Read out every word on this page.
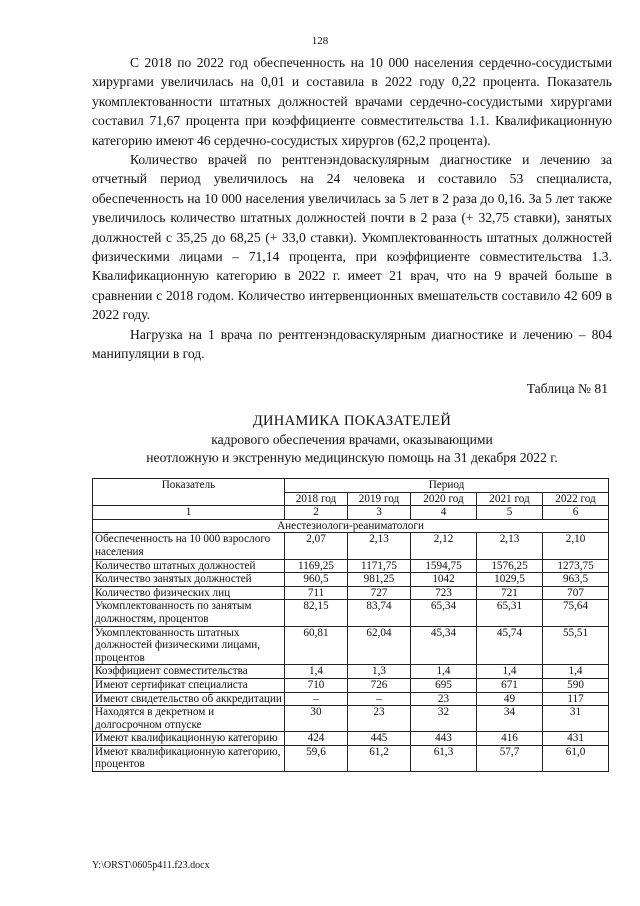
128

С 2018 по 2022 год обеспеченность на 10 000 населения сердечно-сосудистыми хирургами увеличилась на 0,01 и составила в 2022 году 0,22 процента. Показатель укомплектованности штатных должностей врачами сердечно-сосудистыми хирургами составил 71,67 процента при коэффициенте совместительства 1.1. Квалификационную категорию имеют 46 сердечно-сосудистых хирургов (62,2 процента).

Количество врачей по рентгенэндоваскулярным диагностике и лечению за отчетный период увеличилось на 24 человека и составило 53 специалиста, обеспеченность на 10 000 населения увеличилась за 5 лет в 2 раза до 0,16. За 5 лет также увеличилось количество штатных должностей почти в 2 раза (+ 32,75 ставки), занятых должностей с 35,25 до 68,25 (+ 33,0 ставки). Укомплектованность штатных должностей физическими лицами – 71,14 процента, при коэффициенте совместительства 1.3. Квалификационную категорию в 2022 г. имеет 21 врач, что на 9 врачей больше в сравнении с 2018 годом. Количество интервенционных вмешательств составило 42 609 в 2022 году.

Нагрузка на 1 врача по рентгенэндоваскулярным диагностике и лечению – 804 манипуляции в год.

Таблица № 81
ДИНАМИКА ПОКАЗАТЕЛЕЙ
кадрового обеспечения врачами, оказывающими
неотложную и экстренную медицинскую помощь на 31 декабря 2022 г.
Показатель	Период				
	2018 год	2019 год	2020 год	2021 год	2022 год
1	2	3	4	5	6
Анестезиологи-реаниматологи					
Обеспеченность на 10 000 взрослого населения	2,07	2,13	2,12	2,13	2,10
Количество штатных должностей	1169,25	1171,75	1594,75	1576,25	1273,75
Количество занятых должностей	960,5	981,25	1042	1029,5	963,5
Количество физических лиц	711	727	723	721	707
Укомплектованность по занятым должностям, процентов	82,15	83,74	65,34	65,31	75,64
Укомплектованность штатных должностей физическими лицами, процентов	60,81	62,04	45,34	45,74	55,51
Коэффициент совместительства	1,4	1,3	1,4	1,4	1,4
Имеют сертификат специалиста	710	726	695	671	590
Имеют свидетельство об аккредитации	–	–	23	49	117
Находятся в декретном и долгосрочном отпуске	30	23	32	34	31
Имеют квалификационную категорию	424	445	443	416	431
Имеют квалификационную категорию, процентов	59,6	61,2	61,3	57,7	61,0
Y:\ORST\0605p411.f23.docx
